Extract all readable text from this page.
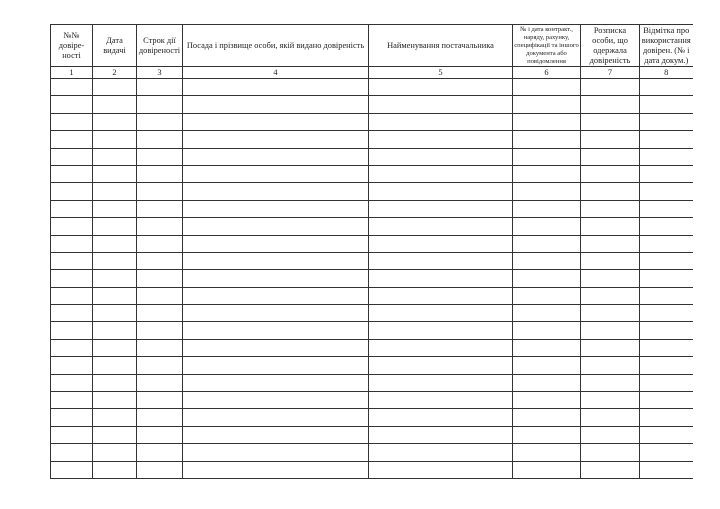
№№ довіре-ності	Дата видачі	Строк дії довіреності	Посада і прізвище особи, якій видано довіреність	Найменування постачальника	№ і дата контракт., наряду, рахунку, специфікації та іншого документа або повідомлення	Розписка особи, що одержала довіреність	Відмітка про використання довірен. (№ і дата докум.)
1	2	3	4	5	6	7	8
